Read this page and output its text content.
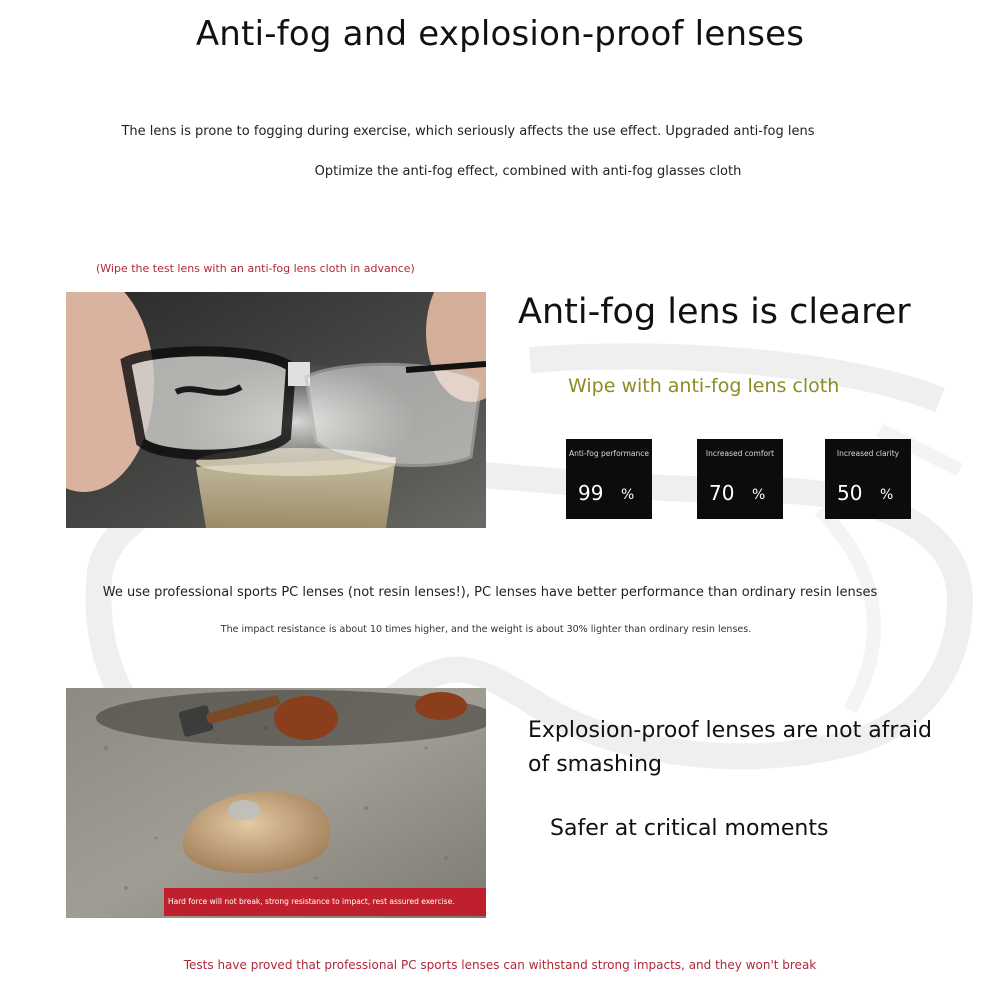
Anti-fog and explosion-proof lenses
The lens is prone to fogging during exercise, which seriously affects the use effect. Upgraded anti-fog lens
Optimize the anti-fog effect, combined with anti-fog glasses cloth
(Wipe the test lens with an anti-fog lens cloth in advance)
Anti-fog lens is clearer
Wipe with anti-fog lens cloth
Anti-fog performance
99 %
Increased comfort
70 %
Increased clarity
50 %
We use professional sports PC lenses (not resin lenses!), PC lenses have better performance than ordinary resin lenses
The impact resistance is about 10 times higher, and the weight is about 30% lighter than ordinary resin lenses.
Hard force will not break, strong resistance to impact, rest assured exercise.
Explosion-proof lenses are not afraid of smashing
Safer at critical moments
Tests have proved that professional PC sports lenses can withstand strong impacts, and they won't break
